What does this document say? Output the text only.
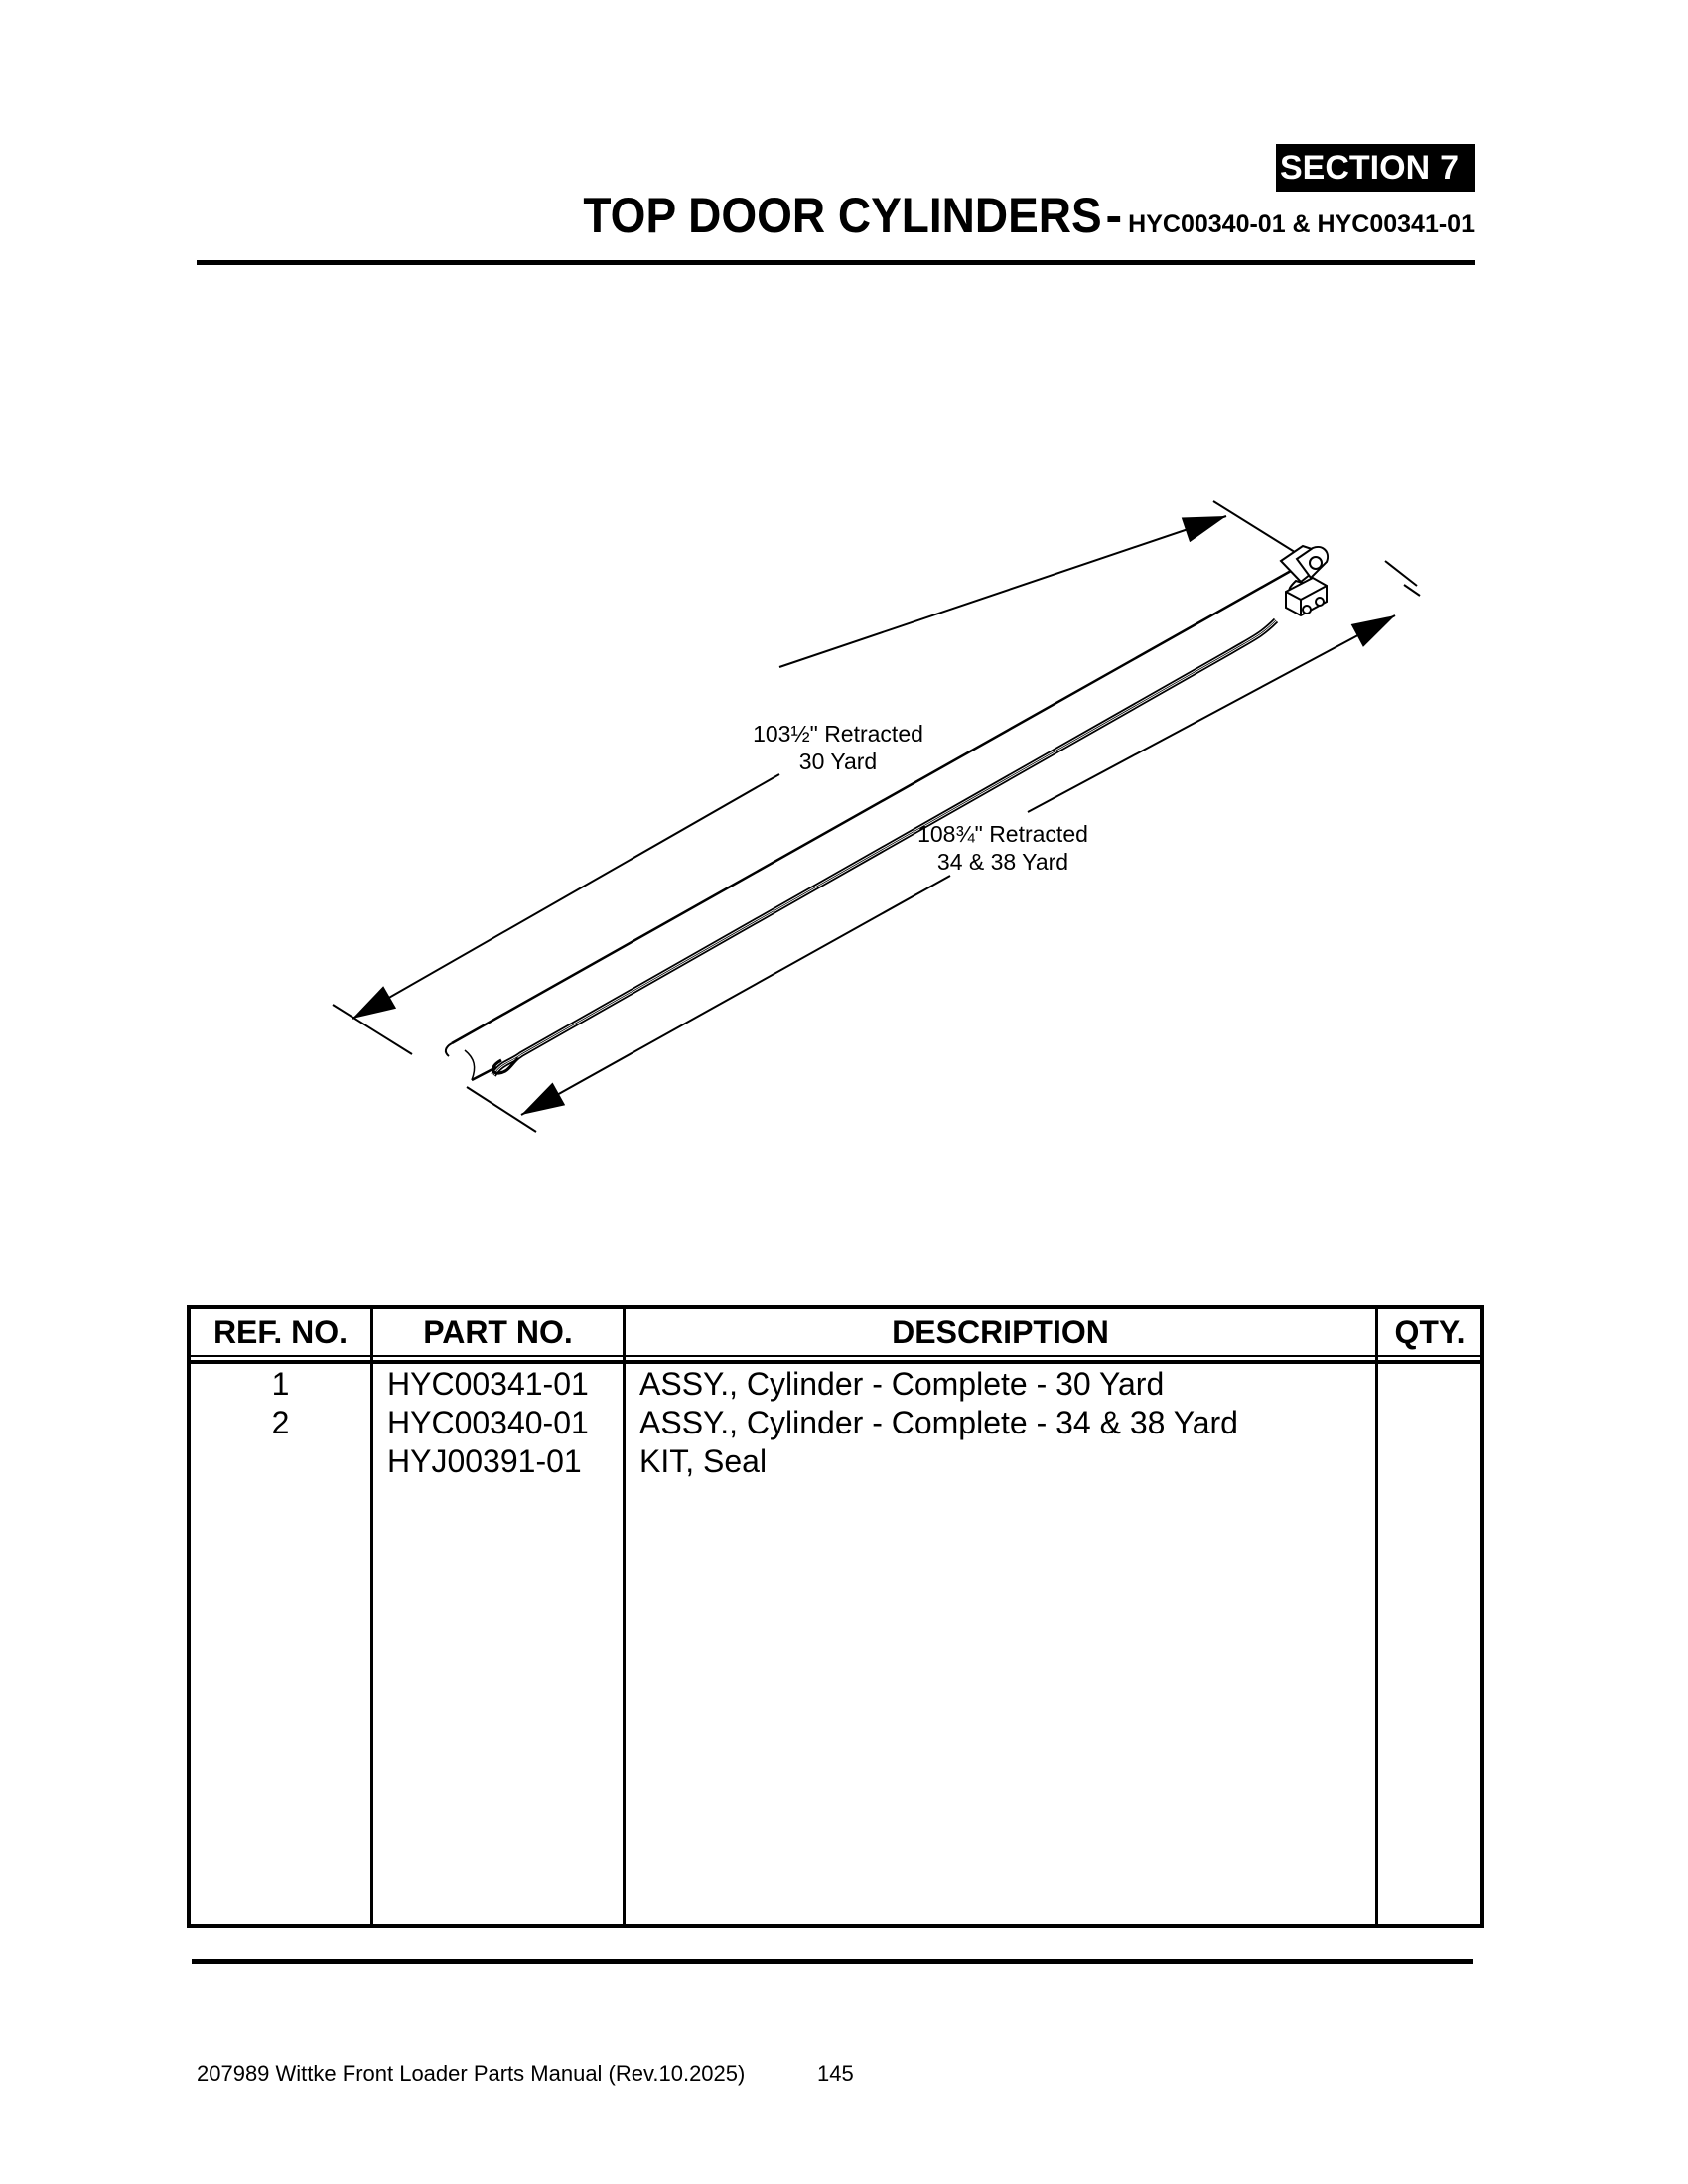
SECTION 7
TOP DOOR CYLINDERS - HYC00340-01 & HYC00341-01
103½" Retracted
30 Yard
108¾" Retracted
34 & 38 Yard
REF. NO.	PART NO.	DESCRIPTION	QTY.
1	HYC00341-01 ASSY., Cylinder - Complete - 30 Yard
2	HYC00340-01 ASSY., Cylinder - Complete - 34 & 38 Yard
HYJ00391-01 KIT, Seal
207989 Wittke Front Loader Parts Manual (Rev.10.2025)	145
